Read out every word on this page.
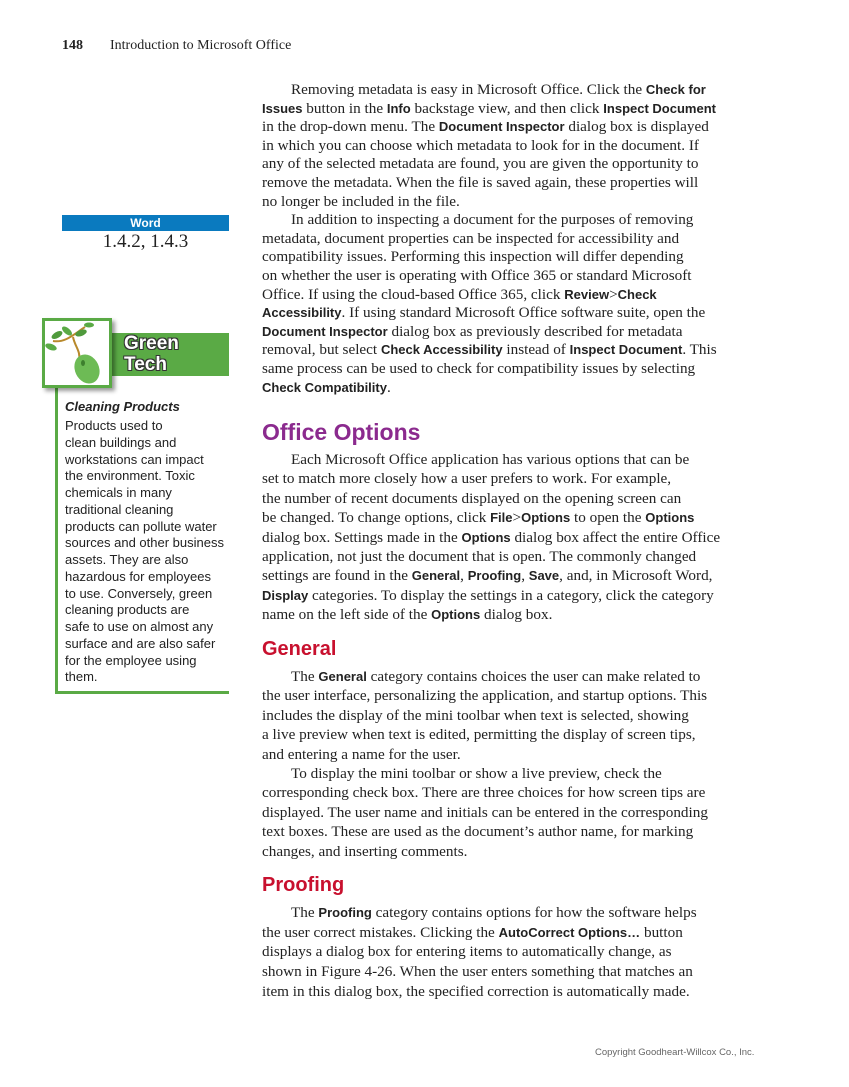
148 Introduction to Microsoft Office
Word
1.4.2, 1.4.3
Green
Tech
Cleaning Products
Products used to
clean buildings and
workstations can impact
the environment. Toxic
chemicals in many
traditional cleaning
products can pollute water
sources and other business
assets. They are also
hazardous for employees
to use. Conversely, green
cleaning products are
safe to use on almost any
surface and are also safer
for the employee using
them.
Office Options
General
Proofing
Removing metadata is easy in Microsoft Office. Click the Check for
Issues button in the Info backstage view, and then click Inspect Document
in the drop-down menu. The Document Inspector dialog box is displayed
in which you can choose which metadata to look for in the document. If
any of the selected metadata are found, you are given the opportunity to
remove the metadata. When the file is saved again, these properties will
no longer be included in the file.
In addition to inspecting a document for the purposes of removing
metadata, document properties can be inspected for accessibility and
compatibility issues. Performing this inspection will differ depending
on whether the user is operating with Office 365 or standard Microsoft
Office. If using the cloud-based Office 365, click Review>Check
Accessibility. If using standard Microsoft Office software suite, open the
Document Inspector dialog box as previously described for metadata
removal, but select Check Accessibility instead of Inspect Document. This
same process can be used to check for compatibility issues by selecting
Check Compatibility.
Each Microsoft Office application has various options that can be
set to match more closely how a user prefers to work. For example,
the number of recent documents displayed on the opening screen can
be changed. To change options, click File>Options to open the Options
dialog box. Settings made in the Options dialog box affect the entire Office
application, not just the document that is open. The commonly changed
settings are found in the General, Proofing, Save, and, in Microsoft Word,
Display categories. To display the settings in a category, click the category
name on the left side of the Options dialog box.
The General category contains choices the user can make related to
the user interface, personalizing the application, and startup options. This
includes the display of the mini toolbar when text is selected, showing
a live preview when text is edited, permitting the display of screen tips,
and entering a name for the user.
To display the mini toolbar or show a live preview, check the
corresponding check box. There are three choices for how screen tips are
displayed. The user name and initials can be entered in the corresponding
text boxes. These are used as the document’s author name, for marking
changes, and inserting comments.
The Proofing category contains options for how the software helps
the user correct mistakes. Clicking the AutoCorrect Options… button
displays a dialog box for entering items to automatically change, as
shown in Figure 4-26. When the user enters something that matches an
item in this dialog box, the specified correction is automatically made.
Copyright Goodheart-Willcox Co., Inc.
